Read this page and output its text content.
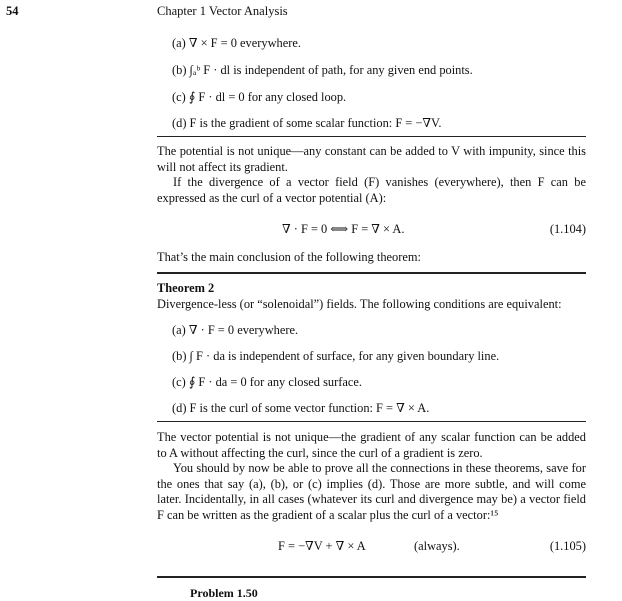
54	Chapter 1 Vector Analysis
(a) ∇ × F = 0 everywhere.
(b) ∫ₐᵇ F · dl is independent of path, for any given end points.
(c) ∮ F · dl = 0 for any closed loop.
(d) F is the gradient of some scalar function: F = −∇V.

The potential is not unique—any constant can be added to V with impunity, since this will not affect its gradient.

If the divergence of a vector field (F) vanishes (everywhere), then F can be expressed as the curl of a vector potential (A):

∇ · F = 0 ⟺ F = ∇ × A.	(1.104)
That’s the main conclusion of the following theorem:
Theorem 2
Divergence-less (or “solenoidal”) fields. The following conditions are equivalent:
(a) ∇ · F = 0 everywhere.
(b) ∫ F · da is independent of surface, for any given boundary line.
(c) ∮ F · da = 0 for any closed surface.
(d) F is the curl of some vector function: F = ∇ × A.

The vector potential is not unique—the gradient of any scalar function can be added to A without affecting the curl, since the curl of a gradient is zero.

You should by now be able to prove all the connections in these theorems, save for the ones that say (a), (b), or (c) implies (d). Those are more subtle, and will come later. Incidentally, in all cases (whatever its curl and divergence may be) a vector field F can be written as the gradient of a scalar plus the curl of a vector:¹⁵

F = −∇V + ∇ × A	(always).	(1.105)
Problem 1.50
